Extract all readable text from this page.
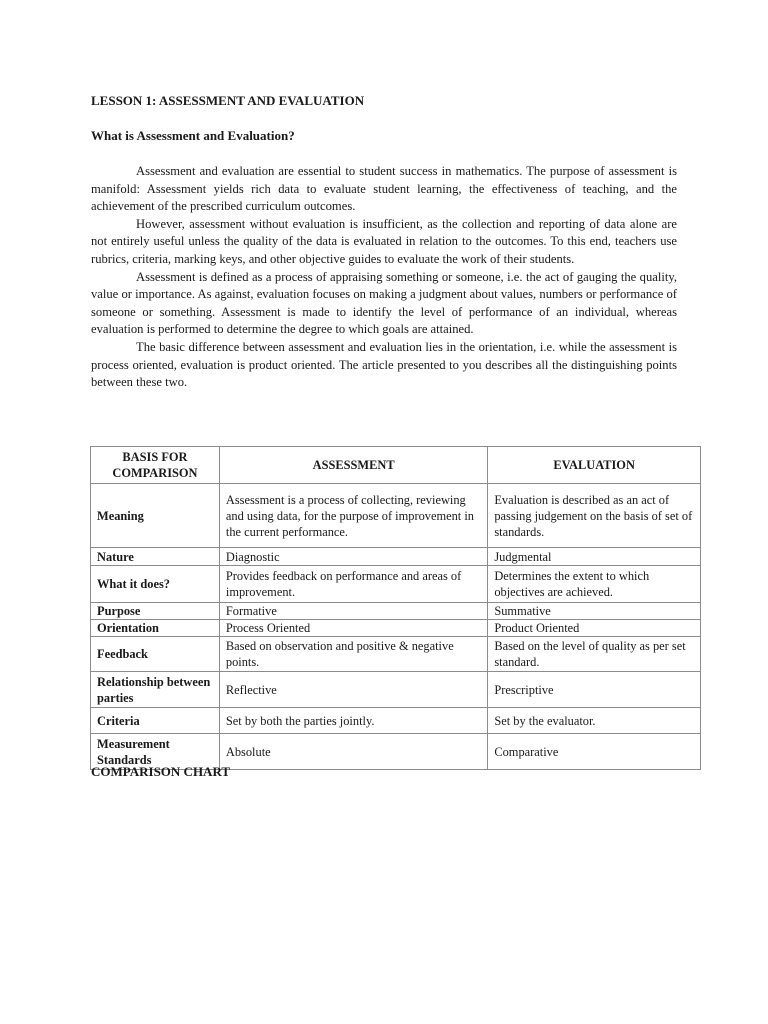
LESSON 1: ASSESSMENT AND EVALUATION
What is Assessment and Evaluation?

Assessment and evaluation are essential to student success in mathematics. The purpose of assessment is manifold: Assessment yields rich data to evaluate student learning, the effectiveness of teaching, and the achievement of the prescribed curriculum outcomes.

However, assessment without evaluation is insufficient, as the collection and reporting of data alone are not entirely useful unless the quality of the data is evaluated in relation to the outcomes. To this end, teachers use rubrics, criteria, marking keys, and other objective guides to evaluate the work of their students.

Assessment is defined as a process of appraising something or someone, i.e. the act of gauging the quality, value or importance. As against, evaluation focuses on making a judgment about values, numbers or performance of someone or something. Assessment is made to identify the level of performance of an individual, whereas evaluation is performed to determine the degree to which goals are attained.

The basic difference between assessment and evaluation lies in the orientation, i.e. while the assessment is process oriented, evaluation is product oriented. The article presented to you describes all the distinguishing points between these two.

BASIS FOR COMPARISON	ASSESSMENT	EVALUATION
Meaning	Assessment is a process of collecting, reviewing and using data, for the purpose of improvement in the current performance.	Evaluation is described as an act of passing judgement on the basis of set of standards.
Nature	Diagnostic	Judgmental
What it does?	Provides feedback on performance and areas of improvement.	Determines the extent to which objectives are achieved.
Purpose	Formative	Summative
Orientation	Process Oriented	Product Oriented
Feedback	Based on observation and positive & negative points.	Based on the level of quality as per set standard.
Relationship between parties	Reflective	Prescriptive
Criteria	Set by both the parties jointly.	Set by the evaluator.
Measurement Standards	Absolute	Comparative

COMPARISON CHART
